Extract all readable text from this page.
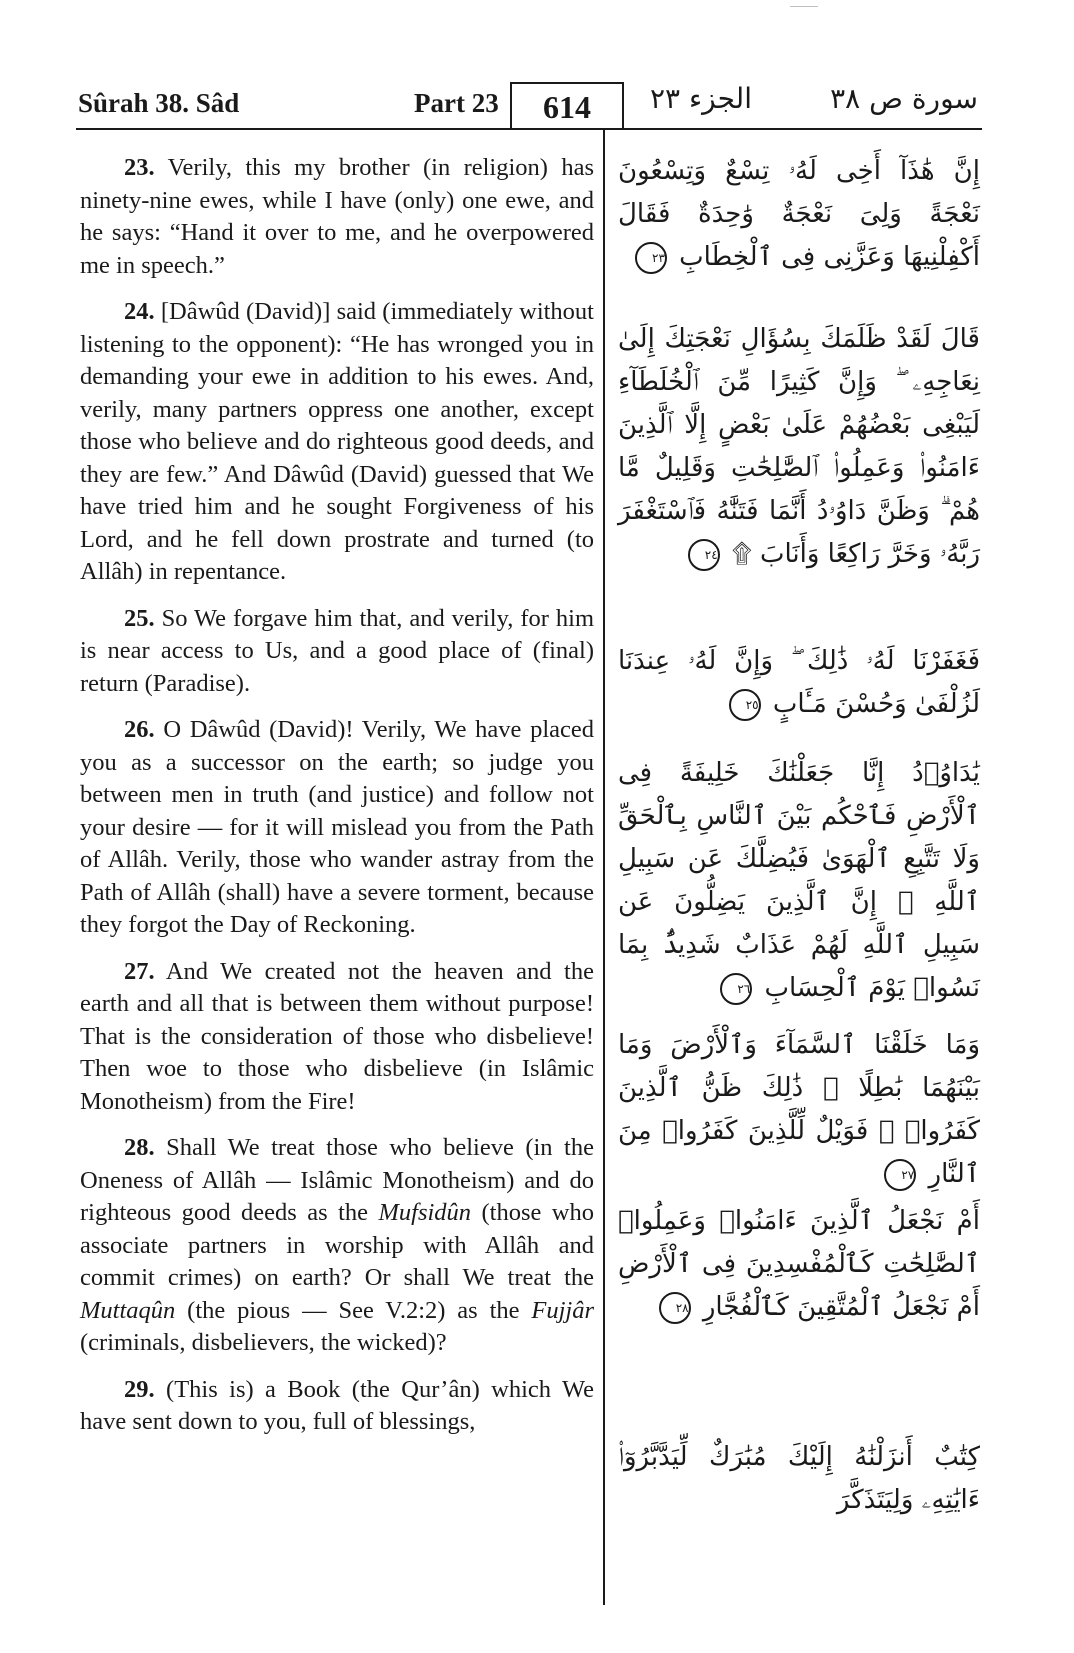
Sûrah 38. Sâd	Part 23	614	الجزء ٢٣	سورة ص ٣٨

23. Verily, this my brother (in religion) has ninety-nine ewes, while I have (only) one ewe, and he says: “Hand it over to me, and he overpowered me in speech.”

24. [Dâwûd (David)] said (immediately without listening to the opponent): “He has wronged you in demanding your ewe in addition to his ewes. And, verily, many partners oppress one another, except those who believe and do righteous good deeds, and they are few.” And Dâwûd (David) guessed that We have tried him and he sought Forgiveness of his Lord, and he fell down prostrate and turned (to Allâh) in repentance.

25. So We forgave him that, and verily, for him is near access to Us, and a good place of (final) return (Paradise).

26. O Dâwûd (David)! Verily, We have placed you as a successor on the earth; so judge you between men in truth (and justice) and follow not your desire — for it will mislead you from the Path of Allâh. Verily, those who wander astray from the Path of Allâh (shall) have a severe torment, because they forgot the Day of Reckoning.

27. And We created not the heaven and the earth and all that is between them without purpose! That is the consideration of those who disbelieve! Then woe to those who disbelieve (in Islâmic Monotheism) from the Fire!

28. Shall We treat those who believe (in the Oneness of Allâh — Islâmic Monotheism) and do righteous good deeds as the Mufsidûn (those who associate partners in worship with Allâh and commit crimes) on earth? Or shall We treat the Muttaqûn (the pious — See V.2:2) as the Fujjâr (criminals, disbelievers, the wicked)?

29. (This is) a Book (the Qur’ân) which We have sent down to you, full of blessings,

إِنَّ هَٰذَآ أَخِى لَهُۥ تِسْعٌ وَتِسْعُونَ نَعْجَةً وَلِىَ نَعْجَةٌ وَٰحِدَةٌ فَقَالَ أَكْفِلْنِيهَا وَعَزَّنِى فِى ٱلْخِطَابِ ٢٣
قَالَ لَقَدْ ظَلَمَكَ بِسُؤَالِ نَعْجَتِكَ إِلَىٰ نِعَاجِهِۦ ۖ وَإِنَّ كَثِيرًا مِّنَ ٱلْخُلَطَآءِ لَيَبْغِى بَعْضُهُمْ عَلَىٰ بَعْضٍ إِلَّا ٱلَّذِينَ ءَامَنُوا۟ وَعَمِلُوا۟ ٱلصَّٰلِحَٰتِ وَقَلِيلٌ مَّا هُمْ ۗ وَظَنَّ دَاوُۥدُ أَنَّمَا فَتَنَّٰهُ فَٱسْتَغْفَرَ رَبَّهُۥ وَخَرَّ رَاكِعًا وَأَنَابَ ۩ ٢٤
فَغَفَرْنَا لَهُۥ ذَٰلِكَ ۖ وَإِنَّ لَهُۥ عِندَنَا لَزُلْفَىٰ وَحُسْنَ مَـَٔابٍ ٢٥
يَٰدَاوُۥدُ إِنَّا جَعَلْنَٰكَ خَلِيفَةً فِى ٱلْأَرْضِ فَٱحْكُم بَيْنَ ٱلنَّاسِ بِٱلْحَقِّ وَلَا تَتَّبِعِ ٱلْهَوَىٰ فَيُضِلَّكَ عَن سَبِيلِ ٱللَّهِ ۚ إِنَّ ٱلَّذِينَ يَضِلُّونَ عَن سَبِيلِ ٱللَّهِ لَهُمْ عَذَابٌ شَدِيدٌۢ بِمَا نَسُوا۟ يَوْمَ ٱلْحِسَابِ ٢٦
وَمَا خَلَقْنَا ٱلسَّمَآءَ وَٱلْأَرْضَ وَمَا بَيْنَهُمَا بَٰطِلًا ۚ ذَٰلِكَ ظَنُّ ٱلَّذِينَ كَفَرُوا۟ ۚ فَوَيْلٌ لِّلَّذِينَ كَفَرُوا۟ مِنَ ٱلنَّارِ ٢٧
أَمْ نَجْعَلُ ٱلَّذِينَ ءَامَنُوا۟ وَعَمِلُوا۟ ٱلصَّٰلِحَٰتِ كَٱلْمُفْسِدِينَ فِى ٱلْأَرْضِ أَمْ نَجْعَلُ ٱلْمُتَّقِينَ كَٱلْفُجَّارِ ٢٨
كِتَٰبٌ أَنزَلْنَٰهُ إِلَيْكَ مُبَٰرَكٌ لِّيَدَّبَّرُوٓا۟ ءَايَٰتِهِۦ وَلِيَتَذَكَّرَ
